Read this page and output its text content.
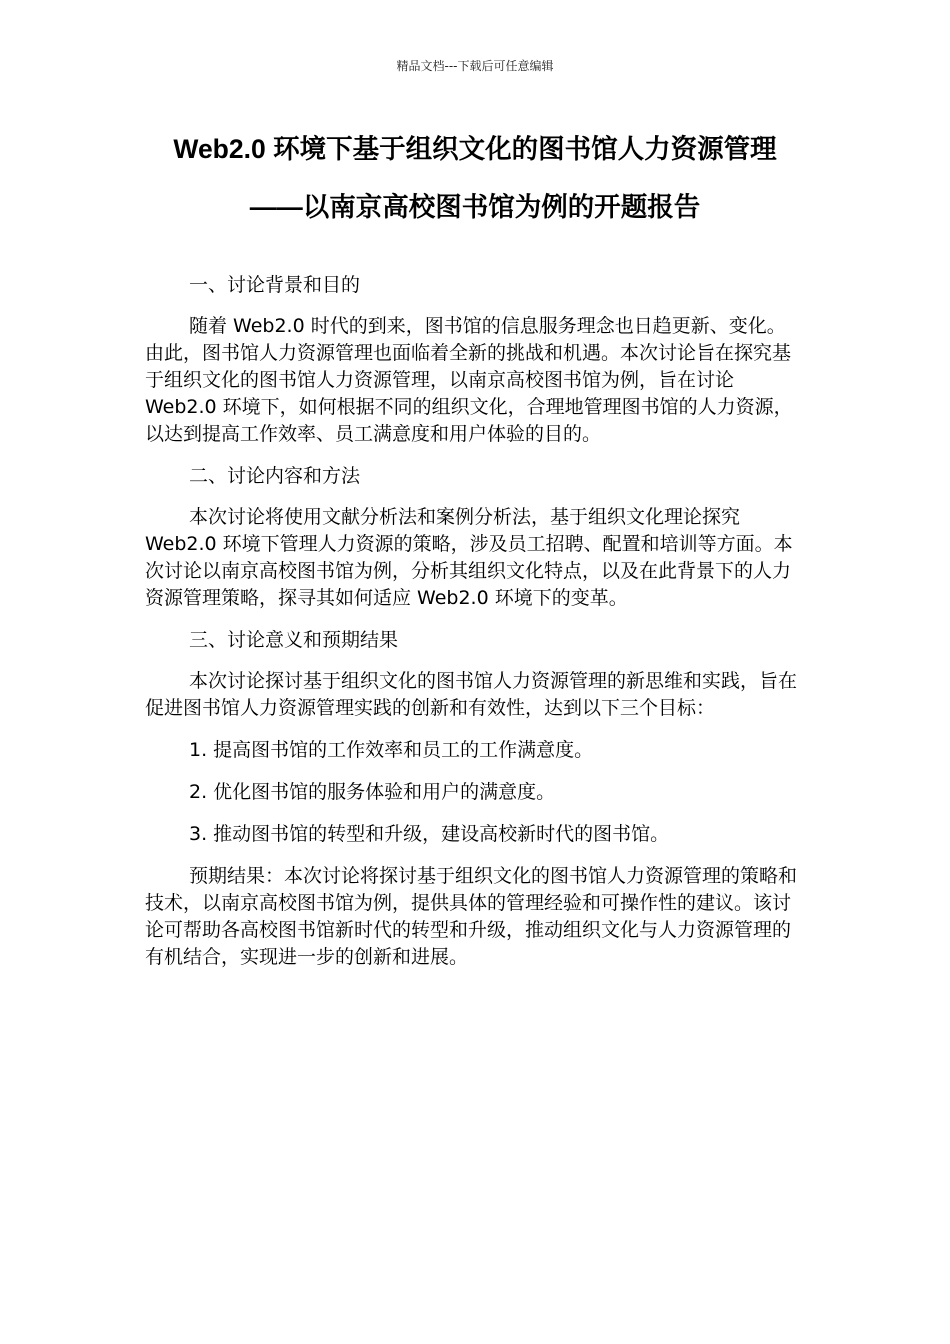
精品文档---下载后可任意编辑
Web2.0 环境下基于组织文化的图书馆人力资源管理
——以南京高校图书馆为例的开题报告

一、讨论背景和目的

随着 Web2.0 时代的到来，图书馆的信息服务理念也日趋更新、变化。由此，图书馆人力资源管理也面临着全新的挑战和机遇。本次讨论旨在探究基于组织文化的图书馆人力资源管理，以南京高校图书馆为例，旨在讨论 Web2.0 环境下，如何根据不同的组织文化，合理地管理图书馆的人力资源，以达到提高工作效率、员工满意度和用户体验的目的。

二、讨论内容和方法

本次讨论将使用文献分析法和案例分析法，基于组织文化理论探究 Web2.0 环境下管理人力资源的策略，涉及员工招聘、配置和培训等方面。本次讨论以南京高校图书馆为例，分析其组织文化特点，以及在此背景下的人力资源管理策略，探寻其如何适应 Web2.0 环境下的变革。

三、讨论意义和预期结果

本次讨论探讨基于组织文化的图书馆人力资源管理的新思维和实践，旨在促进图书馆人力资源管理实践的创新和有效性，达到以下三个目标：

1. 提高图书馆的工作效率和员工的工作满意度。

2. 优化图书馆的服务体验和用户的满意度。

3. 推动图书馆的转型和升级，建设高校新时代的图书馆。

预期结果：本次讨论将探讨基于组织文化的图书馆人力资源管理的策略和技术，以南京高校图书馆为例，提供具体的管理经验和可操作性的建议。该讨论可帮助各高校图书馆新时代的转型和升级，推动组织文化与人力资源管理的有机结合，实现进一步的创新和进展。
